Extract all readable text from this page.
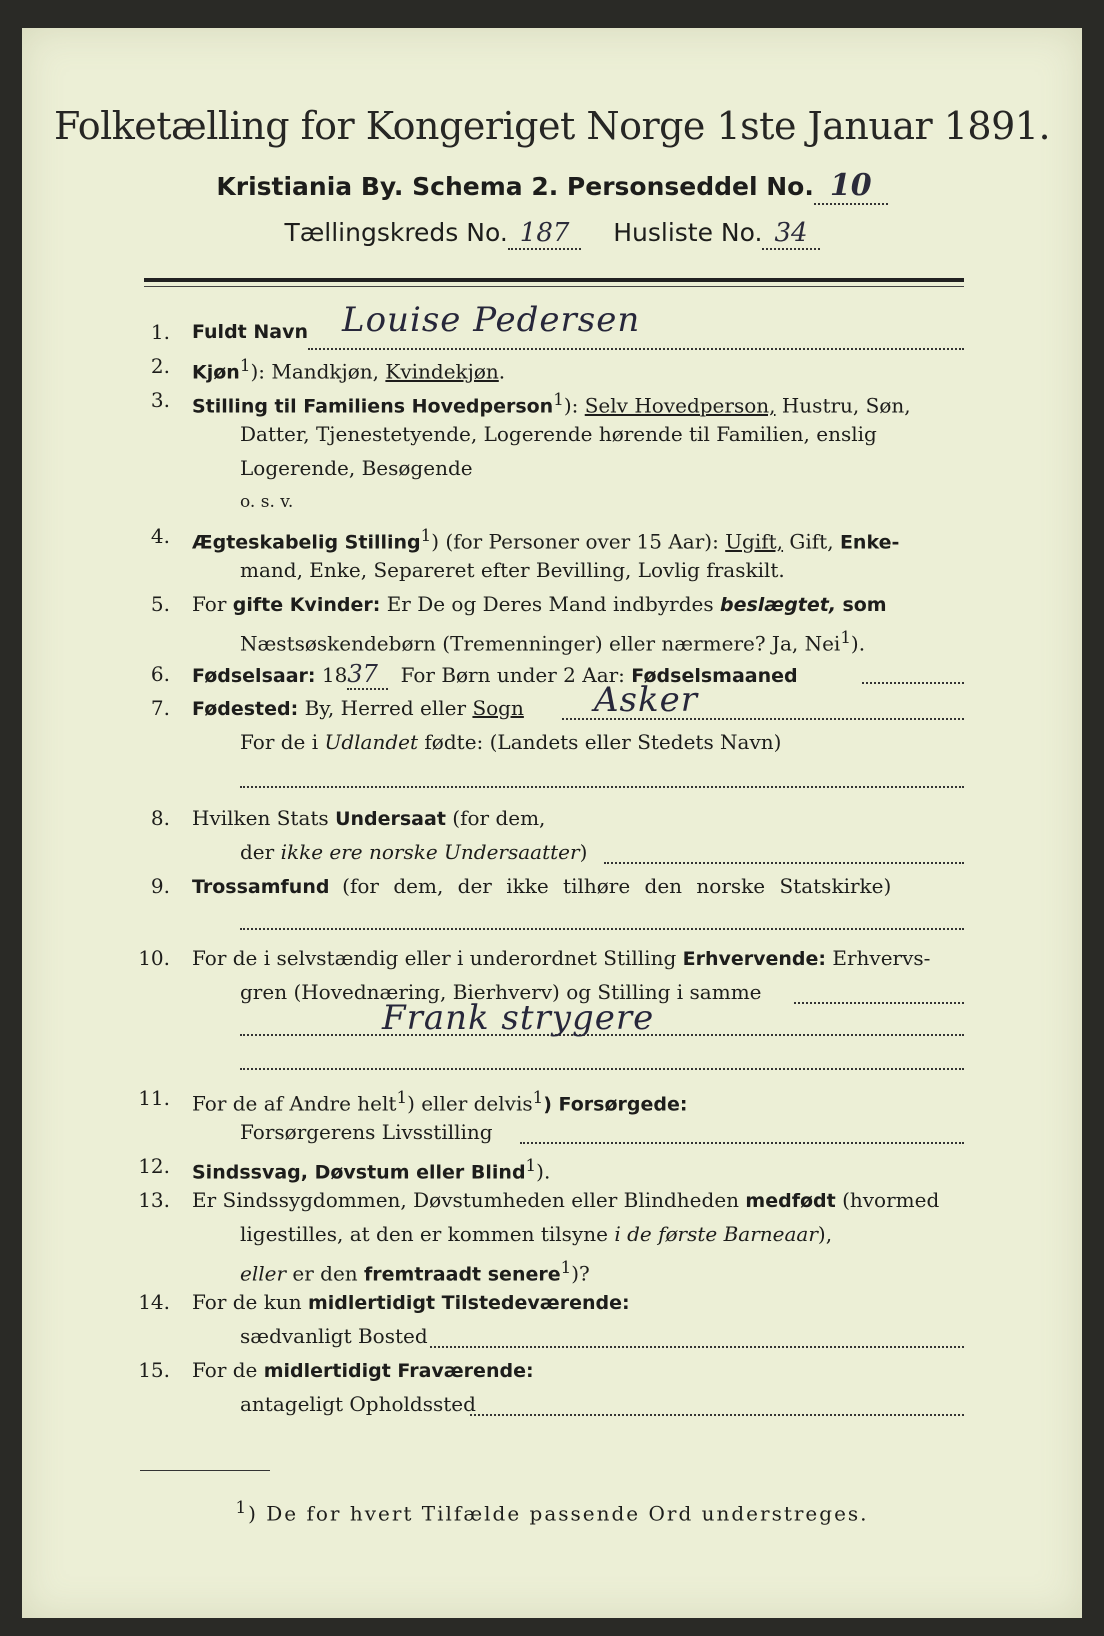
Folketælling for Kongeriget Norge 1ste Januar 1891.
Kristiania By. Schema 2. Personseddel No. 10
Tællingskreds No. 187 Husliste No. 34
1. Fuldt Navn Louise Pedersen
2. Kjøn$^1$): Mandkjøn, Kvindekjøn.
3. Stilling til Familiens Hovedperson$^1$): Selv Hovedperson, Hustru, Søn,
Datter, Tjenestetyende, Logerende hørende til Familien, enslig
Logerende, Besøgende
o. s. v.
4. Ægteskabelig Stilling$^1$) (for Personer over 15 Aar): Ugift, Gift, Enke-
mand, Enke, Separeret efter Bevilling, Lovlig fraskilt.
5. For gifte Kvinder: Er De og Deres Mand indbyrdes beslægtet, som
Næstsøskendebørn (Tremenninger) eller nærmere? Ja, Nei$^1$).
6. Fødselsaar: 1837 For Børn under 2 Aar: Fødselsmaaned
7. Fødested: By, Herred eller Sogn Asker
For de i Udlandet fødte: (Landets eller Stedets Navn)
8. Hvilken Stats Undersaat (for dem,
der ikke ere norske Undersaatter)
9. Trossamfund (for dem, der ikke tilhøre den norske Statskirke)
10. For de i selvstændig eller i underordnet Stilling Erhvervende: Erhvervs-
gren (Hovednæring, Bierhverv) og Stilling i samme
Frank strygere
11. For de af Andre helt$^1$) eller delvis$^1$) Forsørgede:
Forsørgerens Livsstilling
12. Sindssvag, Døvstum eller Blind$^1$).
13. Er Sindssygdommen, Døvstumheden eller Blindheden medfødt (hvormed
ligestilles, at den er kommen tilsyne i de første Barneaar),
eller er den fremtraadt senere$^1$)?
14. For de kun midlertidigt Tilstedeværende:
sædvanligt Bosted
15. For de midlertidigt Fraværende:
antageligt Opholdssted
$^1$) De for hvert Tilfælde passende Ord understreges.
